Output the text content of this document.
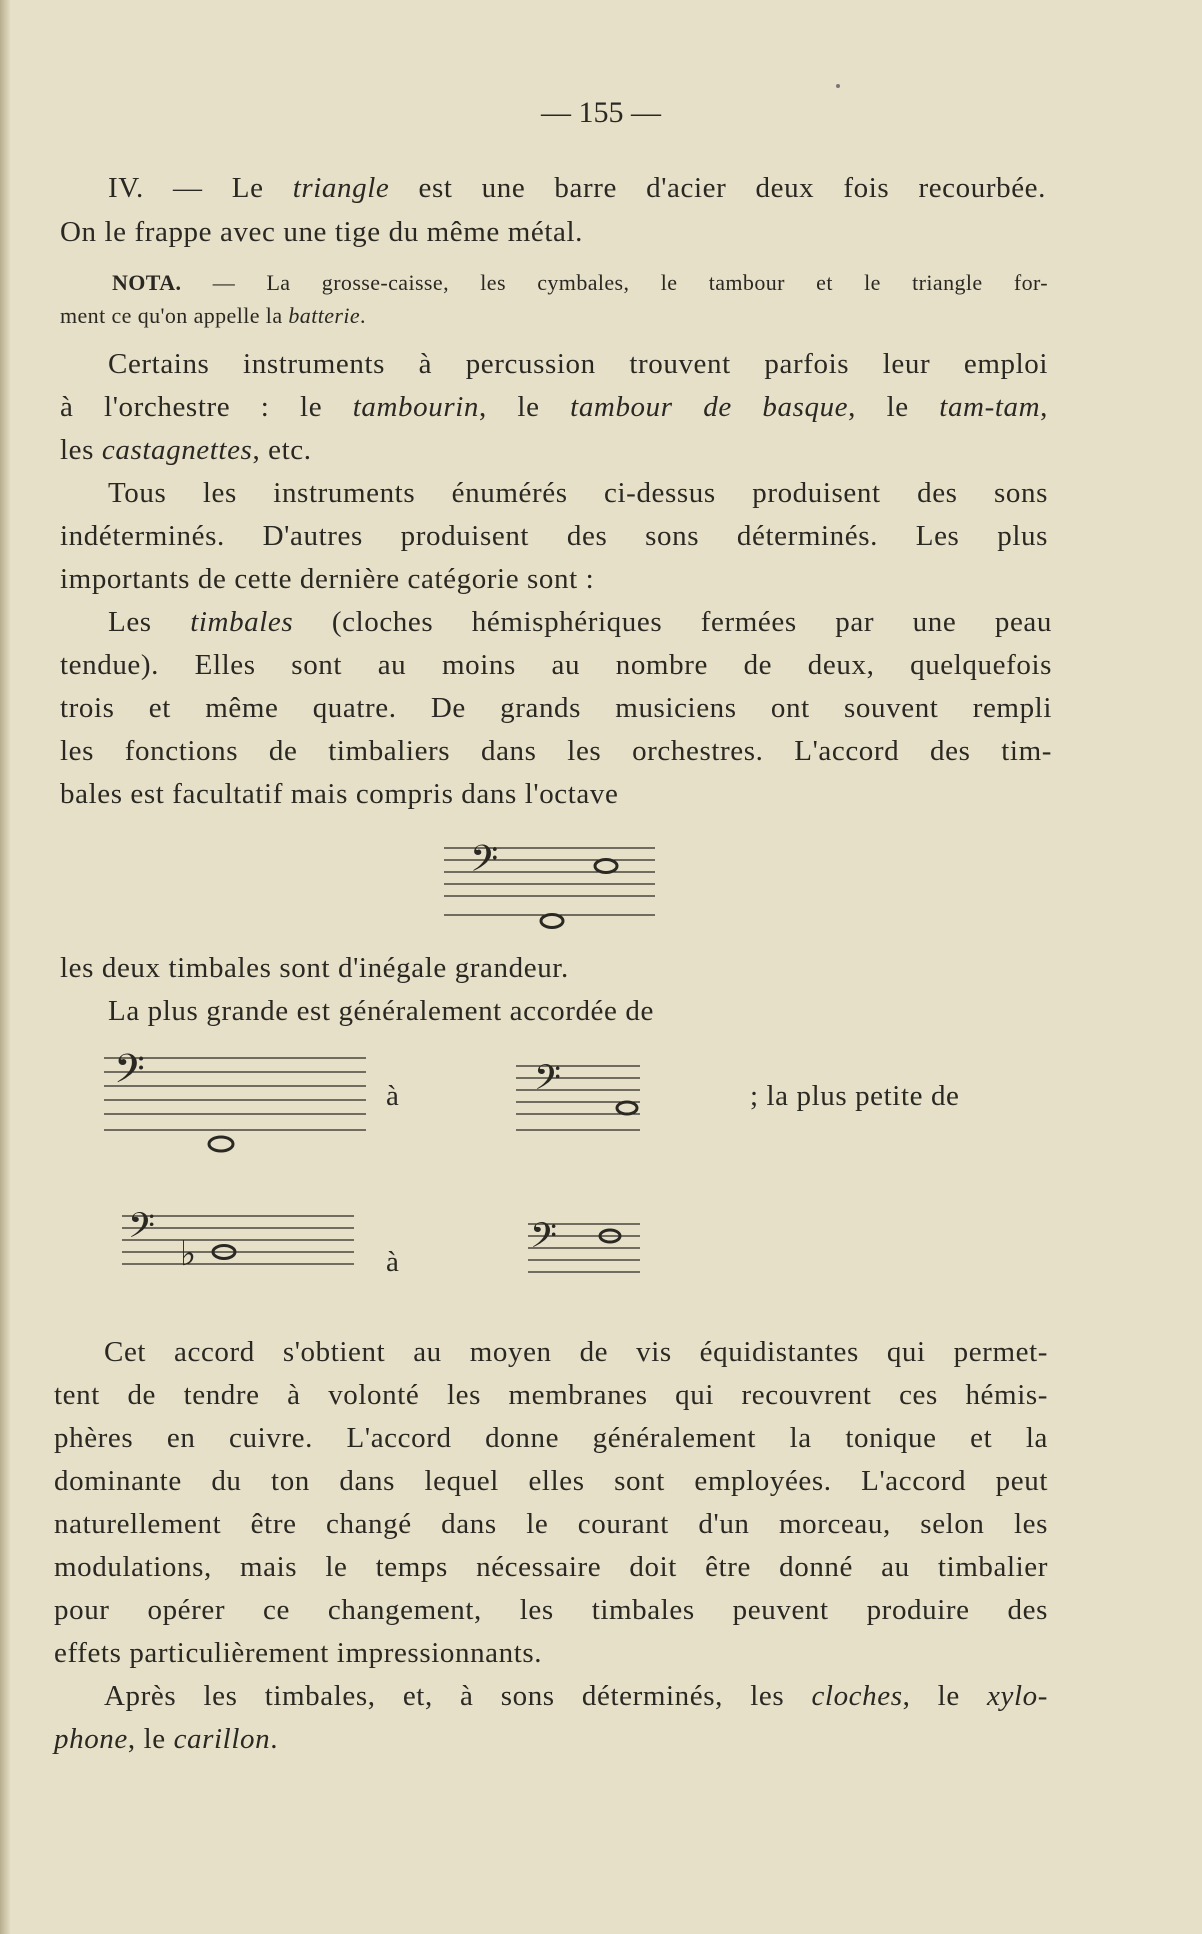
— 155 —
IV. — Le triangle est une barre d'acier deux fois recourbée.
On le frappe avec une tige du même métal.
NOTA. — La grosse-caisse, les cymbales, le tambour et le triangle for-
ment ce qu'on appelle la batterie.
Certains instruments à percussion trouvent parfois leur emploi
à l'orchestre : le tambourin, le tambour de basque, le tam-tam,
les castagnettes, etc.
Tous les instruments énumérés ci-dessus produisent des sons
indéterminés. D'autres produisent des sons déterminés. Les plus
importants de cette dernière catégorie sont :
Les timbales (cloches hémisphériques fermées par une peau
tendue). Elles sont au moins au nombre de deux, quelquefois
trois et même quatre. De grands musiciens ont souvent rempli
les fonctions de timbaliers dans les orchestres. L'accord des tim-
bales est facultatif mais compris dans l'octave
𝄢
les deux timbales sont d'inégale grandeur.
La plus grande est généralement accordée de
𝄢	à	𝄢	; la plus petite de
𝄢 ♭	à	𝄢
Cet accord s'obtient au moyen de vis équidistantes qui permet-
tent de tendre à volonté les membranes qui recouvrent ces hémis-
phères en cuivre. L'accord donne généralement la tonique et la
dominante du ton dans lequel elles sont employées. L'accord peut
naturellement être changé dans le courant d'un morceau, selon les
modulations, mais le temps nécessaire doit être donné au timbalier
pour opérer ce changement, les timbales peuvent produire des
effets particulièrement impressionnants.
Après les timbales, et, à sons déterminés, les cloches, le xylo-
phone, le carillon.
